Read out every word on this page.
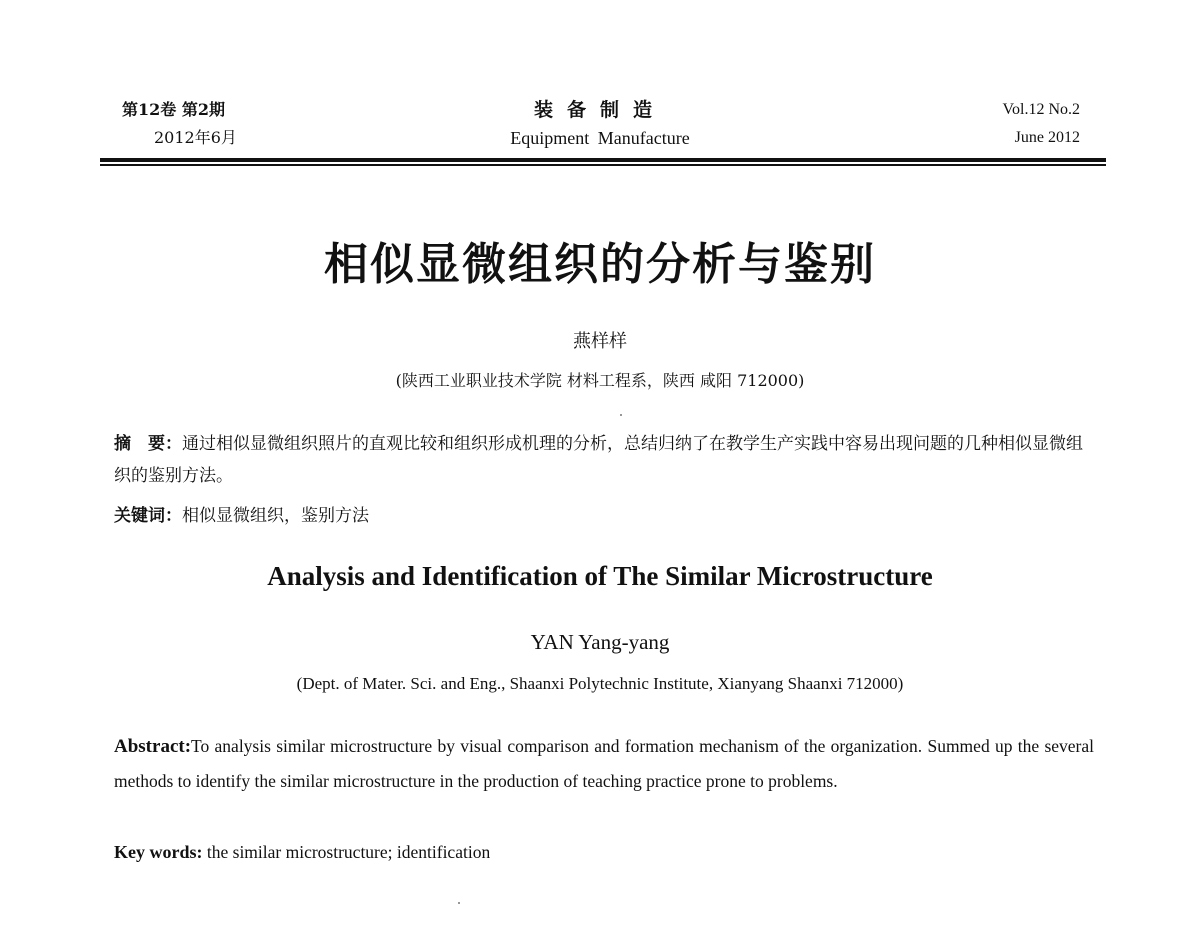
第12卷 第2期
2012年6月
装备制造
Equipment Manufacture
Vol.12 No.2
June 2012
相似显微组织的分析与鉴别
燕样样
(陕西工业职业技术学院 材料工程系，陕西 咸阳 712000)
摘　要：通过相似显微组织照片的直观比较和组织形成机理的分析，总结归纳了在教学生产实践中容易出现问题的几种相似显微组织的鉴别方法。
关键词：相似显微组织，鉴别方法
Analysis and Identification of The Similar Microstructure
YAN Yang-yang
(Dept. of Mater. Sci. and Eng., Shaanxi Polytechnic Institute, Xianyang Shaanxi 712000)
Abstract:To analysis similar microstructure by visual comparison and formation mechanism of the organization. Summed up the several methods to identify the similar microstructure in the production of teaching practice prone to problems.
Key words: the similar microstructure; identification
